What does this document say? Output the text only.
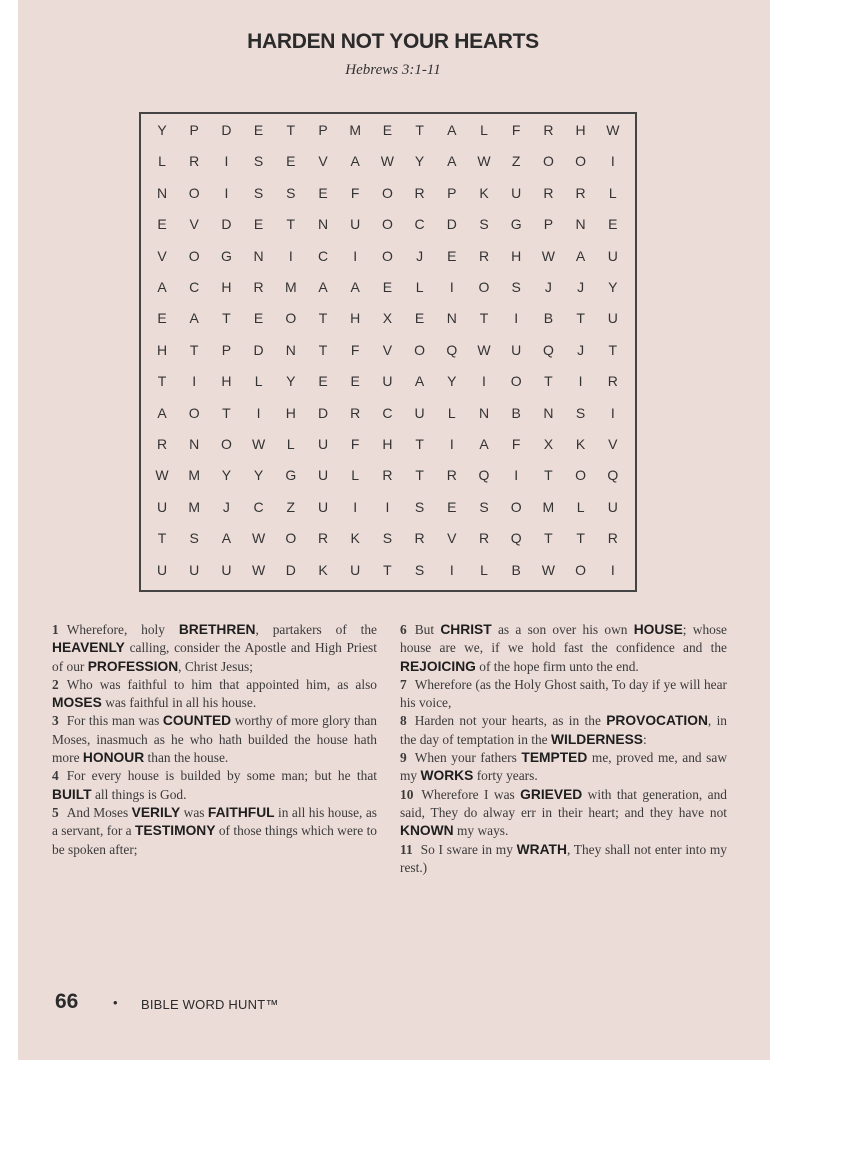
HARDEN NOT YOUR HEARTS
Hebrews 3:1-11
Y	P	D	E	T	P	M	E	T	A	L	F	R	H	W
L	R	I	S	E	V	A	W	Y	A	W	Z	O	O	I
N	O	I	S	S	E	F	O	R	P	K	U	R	R	L
E	V	D	E	T	N	U	O	C	D	S	G	P	N	E
V	O	G	N	I	C	I	O	J	E	R	H	W	A	U
A	C	H	R	M	A	A	E	L	I	O	S	J	J	Y
E	A	T	E	O	T	H	X	E	N	T	I	B	T	U
H	T	P	D	N	T	F	V	O	Q	W	U	Q	J	T
T	I	H	L	Y	E	E	U	A	Y	I	O	T	I	R
A	O	T	I	H	D	R	C	U	L	N	B	N	S	I
R	N	O	W	L	U	F	H	T	I	A	F	X	K	V
W	M	Y	Y	G	U	L	R	T	R	Q	I	T	O	Q
U	M	J	C	Z	U	I	I	S	E	S	O	M	L	U
T	S	A	W	O	R	K	S	R	V	R	Q	T	T	R
U	U	U	W	D	K	U	T	S	I	L	B	W	O	I

1 Wherefore, holy BRETHREN, partakers of the HEAVENLY calling, consider the Apostle and High Priest of our PROFESSION, Christ Jesus;

2 Who was faithful to him that appointed him, as also MOSES was faithful in all his house.

3 For this man was COUNTED worthy of more glory than Moses, inasmuch as he who hath builded the house hath more HONOUR than the house.

4 For every house is builded by some man; but he that BUILT all things is God.

5 And Moses VERILY was FAITHFUL in all his house, as a servant, for a TESTIMONY of those things which were to be spoken after;

6 But CHRIST as a son over his own HOUSE; whose house are we, if we hold fast the confidence and the REJOICING of the hope firm unto the end.

7 Wherefore (as the Holy Ghost saith, To day if ye will hear his voice,

8 Harden not your hearts, as in the PROVOCATION, in the day of temptation in the WILDERNESS:

9 When your fathers TEMPTED me, proved me, and saw my WORKS forty years.

10 Wherefore I was GRIEVED with that generation, and said, They do alway err in their heart; and they have not KNOWN my ways.

11 So I sware in my WRATH, They shall not enter into my rest.)

66	• BIBLE WORD HUNT™
